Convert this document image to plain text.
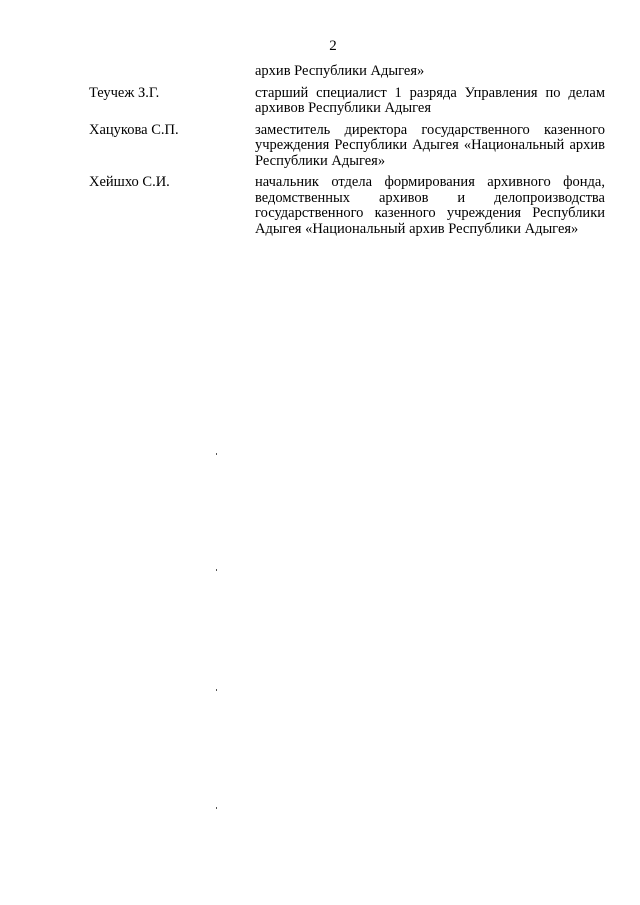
2
архив Республики Адыгея»
Теучеж З.Г.	старший специалист 1 разряда Управления по делам архивов Республики Адыгея
Хацукова С.П.	заместитель директора государственного казенного учреждения Республики Адыгея «Национальный архив Республики Адыгея»
Хейшхо С.И.	начальник отдела формирования архивного фонда, ведомственных архивов и делопроизводства государственного казенного учреждения Республики Адыгея «Национальный архив Республики Адыгея»
